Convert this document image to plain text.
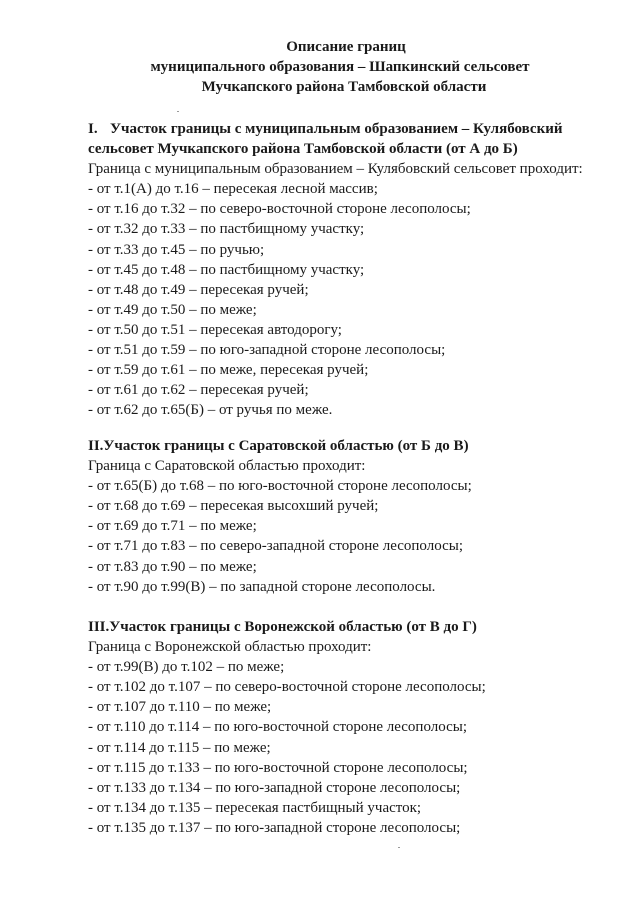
Описание границ
муниципального образования – Шапкинский сельсовет
Мучкапского района Тамбовской области
I. Участок границы с муниципальным образованием – Кулябовский
сельсовет Мучкапского района Тамбовской области (от А до Б)
Граница с муниципальным образованием – Кулябовский сельсовет проходит:
- от т.1(А) до т.16 – пересекая лесной массив;
- от т.16 до т.32 – по северо-восточной стороне лесополосы;
- от т.32 до т.33 – по пастбищному участку;
- от т.33 до т.45 – по ручью;
- от т.45 до т.48 – по пастбищному участку;
- от т.48 до т.49 – пересекая ручей;
- от т.49 до т.50 – по меже;
- от т.50 до т.51 – пересекая автодорогу;
- от т.51 до т.59 – по юго-западной стороне лесополосы;
- от т.59 до т.61 – по меже, пересекая ручей;
- от т.61 до т.62 – пересекая ручей;
- от т.62 до т.65(Б) – от ручья по меже.
II.Участок границы с Саратовской областью (от Б до В)
Граница с Саратовской областью проходит:
- от т.65(Б) до т.68 – по юго-восточной стороне лесополосы;
- от т.68 до т.69 – пересекая высохший ручей;
- от т.69 до т.71 – по меже;
- от т.71 до т.83 – по северо-западной стороне лесополосы;
- от т.83 до т.90 – по меже;
- от т.90 до т.99(В) – по западной стороне лесополосы.
III.Участок границы с Воронежской областью (от В до Г)
Граница с Воронежской областью проходит:
- от т.99(В) до т.102 – по меже;
- от т.102 до т.107 – по северо-восточной стороне лесополосы;
- от т.107 до т.110 – по меже;
- от т.110 до т.114 – по юго-восточной стороне лесополосы;
- от т.114 до т.115 – по меже;
- от т.115 до т.133 – по юго-восточной стороне лесополосы;
- от т.133 до т.134 – по юго-западной стороне лесополосы;
- от т.134 до т.135 – пересекая пастбищный участок;
- от т.135 до т.137 – по юго-западной стороне лесополосы;
